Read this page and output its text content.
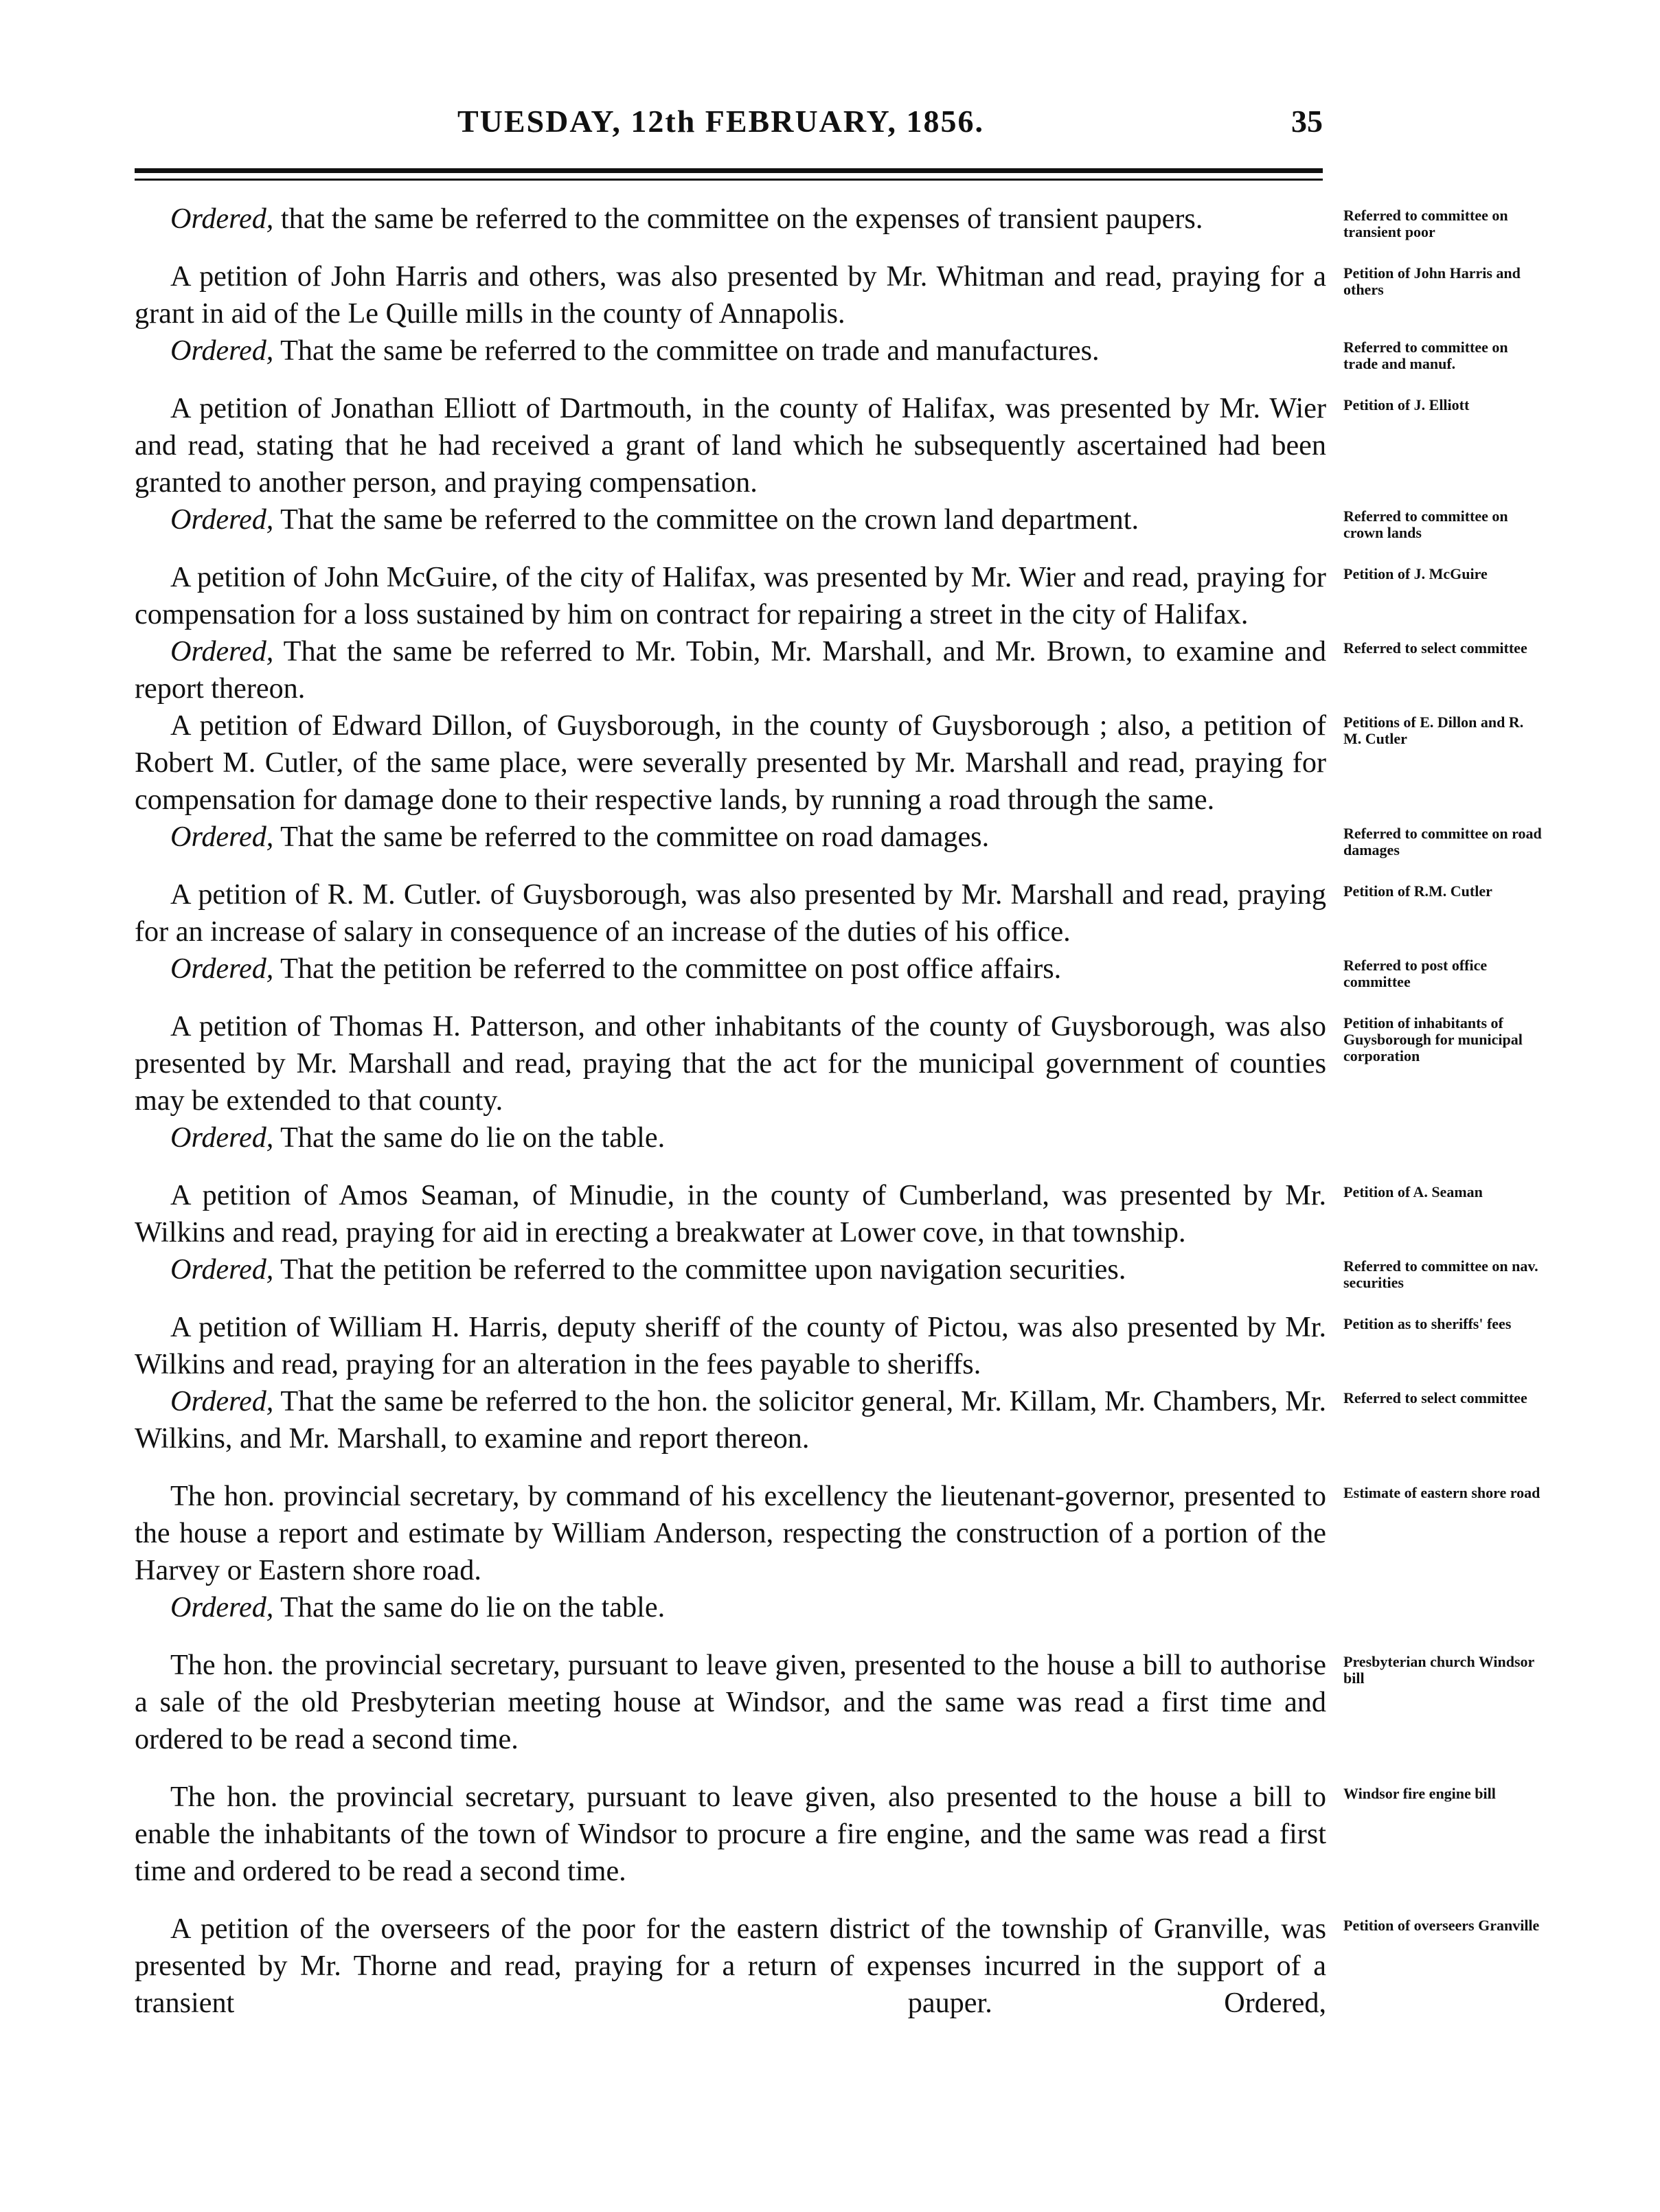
TUESDAY, 12th FEBRUARY, 1856.	35

Ordered, that the same be referred to the committee on the expenses of transient paupers.	Referred to committee on transient poor

A petition of John Harris and others, was also presented by Mr. Whitman and read, praying for a grant in aid of the Le Quille mills in the county of Annapolis.

Petition of John Harris and others

Ordered, That the same be referred to the committee on trade and manufactures.	Referred to committee on trade and manuf.

A petition of Jonathan Elliott of Dartmouth, in the county of Halifax, was presented by Mr. Wier and read, stating that he had received a grant of land which he subsequently ascertained had been granted to another person, and praying compensation.

Petition of J. Elliott

Ordered, That the same be referred to the committee on the crown land department.	Referred to committee on crown lands

A petition of John McGuire, of the city of Halifax, was presented by Mr. Wier and read, praying for compensation for a loss sustained by him on contract for repairing a street in the city of Halifax.

Petition of J. McGuire

Ordered, That the same be referred to Mr. Tobin, Mr. Marshall, and Mr. Brown, to examine and report thereon.

Referred to select committee

A petition of Edward Dillon, of Guysborough, in the county of Guysborough ; also, a petition of Robert M. Cutler, of the same place, were severally presented by Mr. Marshall and read, praying for compensation for damage done to their respective lands, by running a road through the same.

Petitions of E. Dillon and R. M. Cutler

Ordered, That the same be referred to the committee on road damages.	Referred to committee on road damages

A petition of R. M. Cutler. of Guysborough, was also presented by Mr. Marshall and read, praying for an increase of salary in consequence of an increase of the duties of his office.

Petition of R.M. Cutler

Ordered, That the petition be referred to the committee on post office affairs.	Referred to post office committee

A petition of Thomas H. Patterson, and other inhabitants of the county of Guysborough, was also presented by Mr. Marshall and read, praying that the act for the municipal government of counties may be extended to that county.

Petition of inhabitants of Guysborough for municipal corporation

Ordered, That the same do lie on the table.

A petition of Amos Seaman, of Minudie, in the county of Cumberland, was presented by Mr. Wilkins and read, praying for aid in erecting a breakwater at Lower cove, in that township.

Petition of A. Seaman

Ordered, That the petition be referred to the committee upon navigation securities.	Referred to committee on nav. securities

A petition of William H. Harris, deputy sheriff of the county of Pictou, was also presented by Mr. Wilkins and read, praying for an alteration in the fees payable to sheriffs.

Petition as to sheriffs' fees

Ordered, That the same be referred to the hon. the solicitor general, Mr. Killam, Mr. Chambers, Mr. Wilkins, and Mr. Marshall, to examine and report thereon.

Referred to select committee

The hon. provincial secretary, by command of his excellency the lieutenant-governor, presented to the house a report and estimate by William Anderson, respecting the construction of a portion of the Harvey or Eastern shore road.

Estimate of eastern shore road

Ordered, That the same do lie on the table.

The hon. the provincial secretary, pursuant to leave given, presented to the house a bill to authorise a sale of the old Presbyterian meeting house at Windsor, and the same was read a first time and ordered to be read a second time.

Presbyterian church Windsor bill

The hon. the provincial secretary, pursuant to leave given, also presented to the house a bill to enable the inhabitants of the town of Windsor to procure a fire engine, and the same was read a first time and ordered to be read a second time.

Windsor fire engine bill

A petition of the overseers of the poor for the eastern district of the township of Granville, was presented by Mr. Thorne and read, praying for a return of expenses incurred in the support of a transient pauper.        	Ordered,

Petition of overseers Granville
